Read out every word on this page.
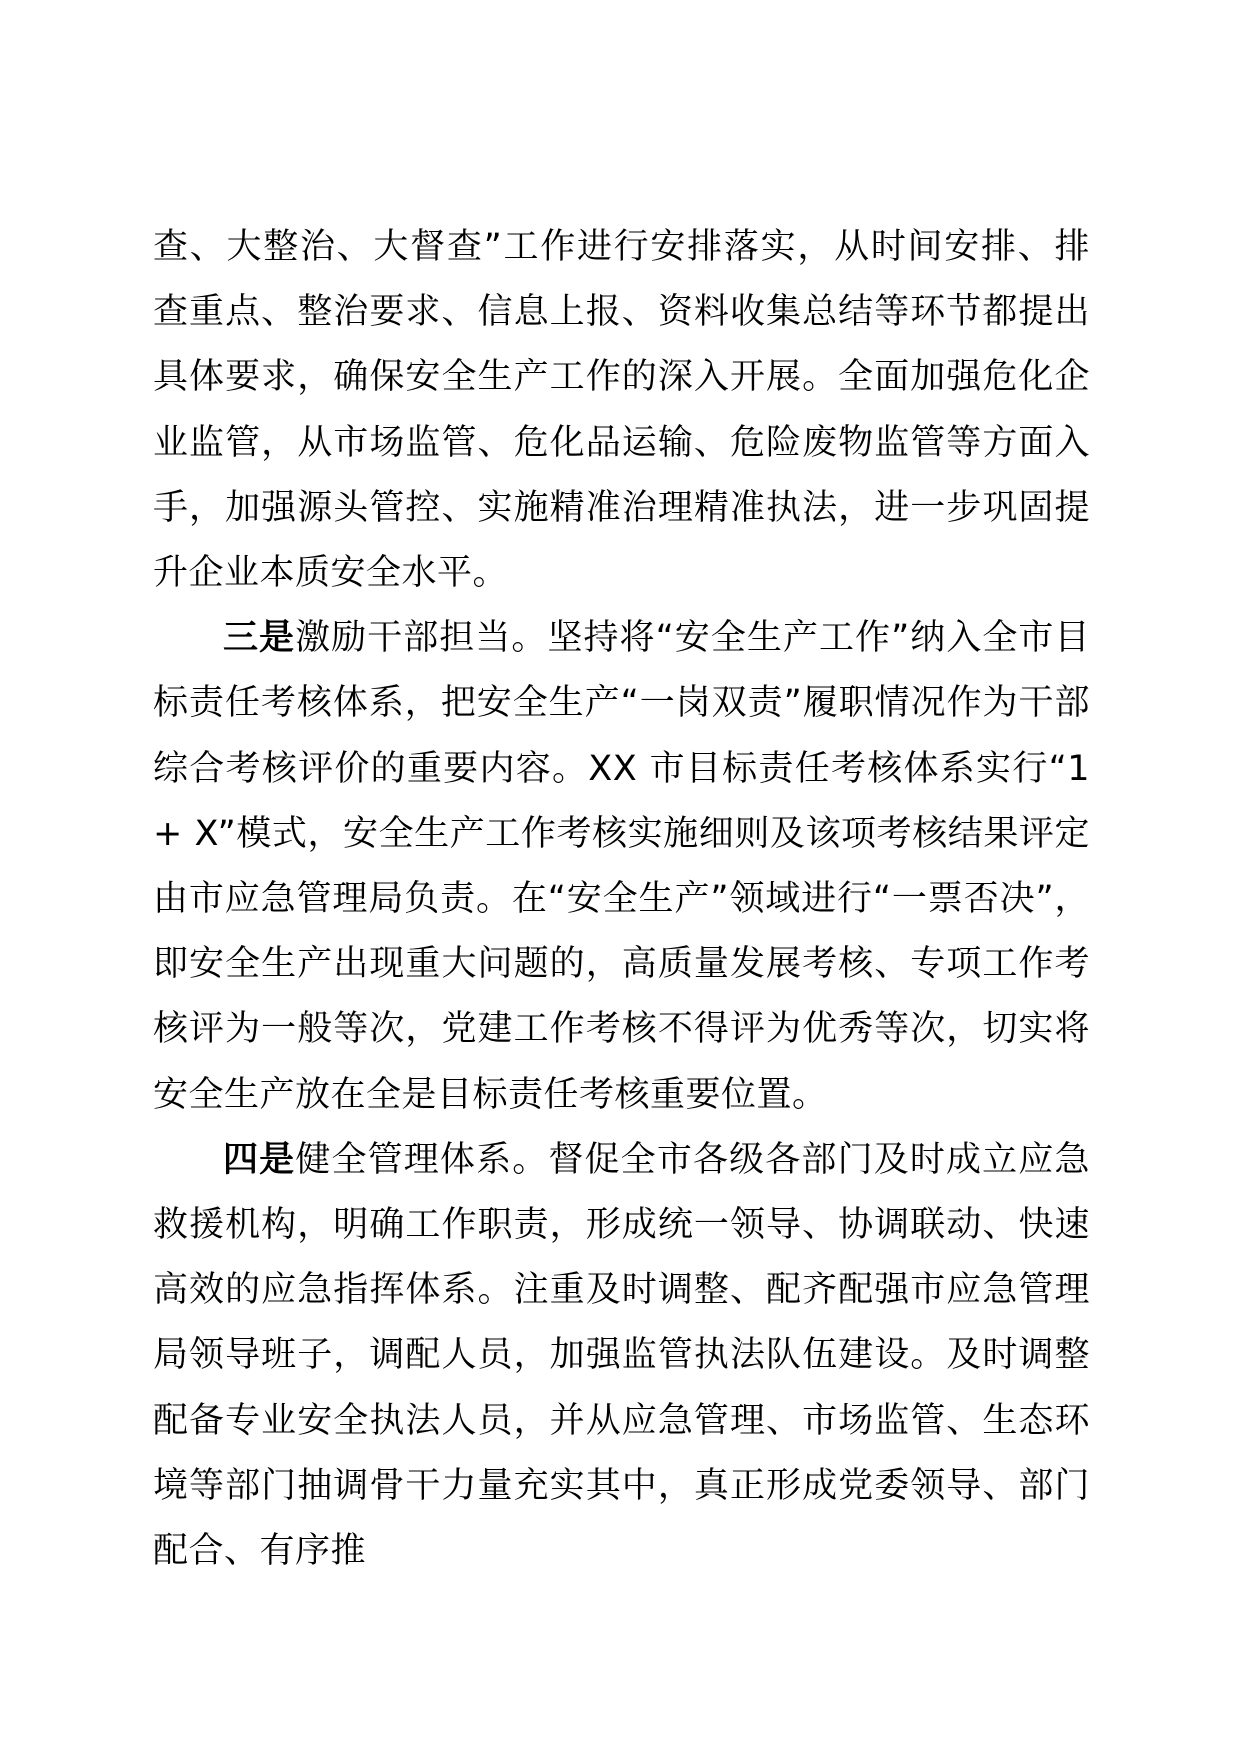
查、大整治、大督查”工作进行安排落实，从时间安排、排查重点、整治要求、信息上报、资料收集总结等环节都提出具体要求，确保安全生产工作的深入开展。全面加强危化企业监管，从市场监管、危化品运输、危险废物监管等方面入手，加强源头管控、实施精准治理精准执法，进一步巩固提升企业本质安全水平。

三是激励干部担当。坚持将“安全生产工作”纳入全市目标责任考核体系，把安全生产“一岗双责”履职情况作为干部综合考核评价的重要内容。XX 市目标责任考核体系实行“1 + X”模式，安全生产工作考核实施细则及该项考核结果评定由市应急管理局负责。在“安全生产”领域进行“一票否决”，即安全生产出现重大问题的，高质量发展考核、专项工作考核评为一般等次，党建工作考核不得评为优秀等次，切实将安全生产放在全是目标责任考核重要位置。

四是健全管理体系。督促全市各级各部门及时成立应急救援机构，明确工作职责，形成统一领导、协调联动、快速高效的应急指挥体系。注重及时调整、配齐配强市应急管理局领导班子，调配人员，加强监管执法队伍建设。及时调整配备专业安全执法人员，并从应急管理、市场监管、生态环境等部门抽调骨干力量充实其中，真正形成党委领导、部门配合、有序推
